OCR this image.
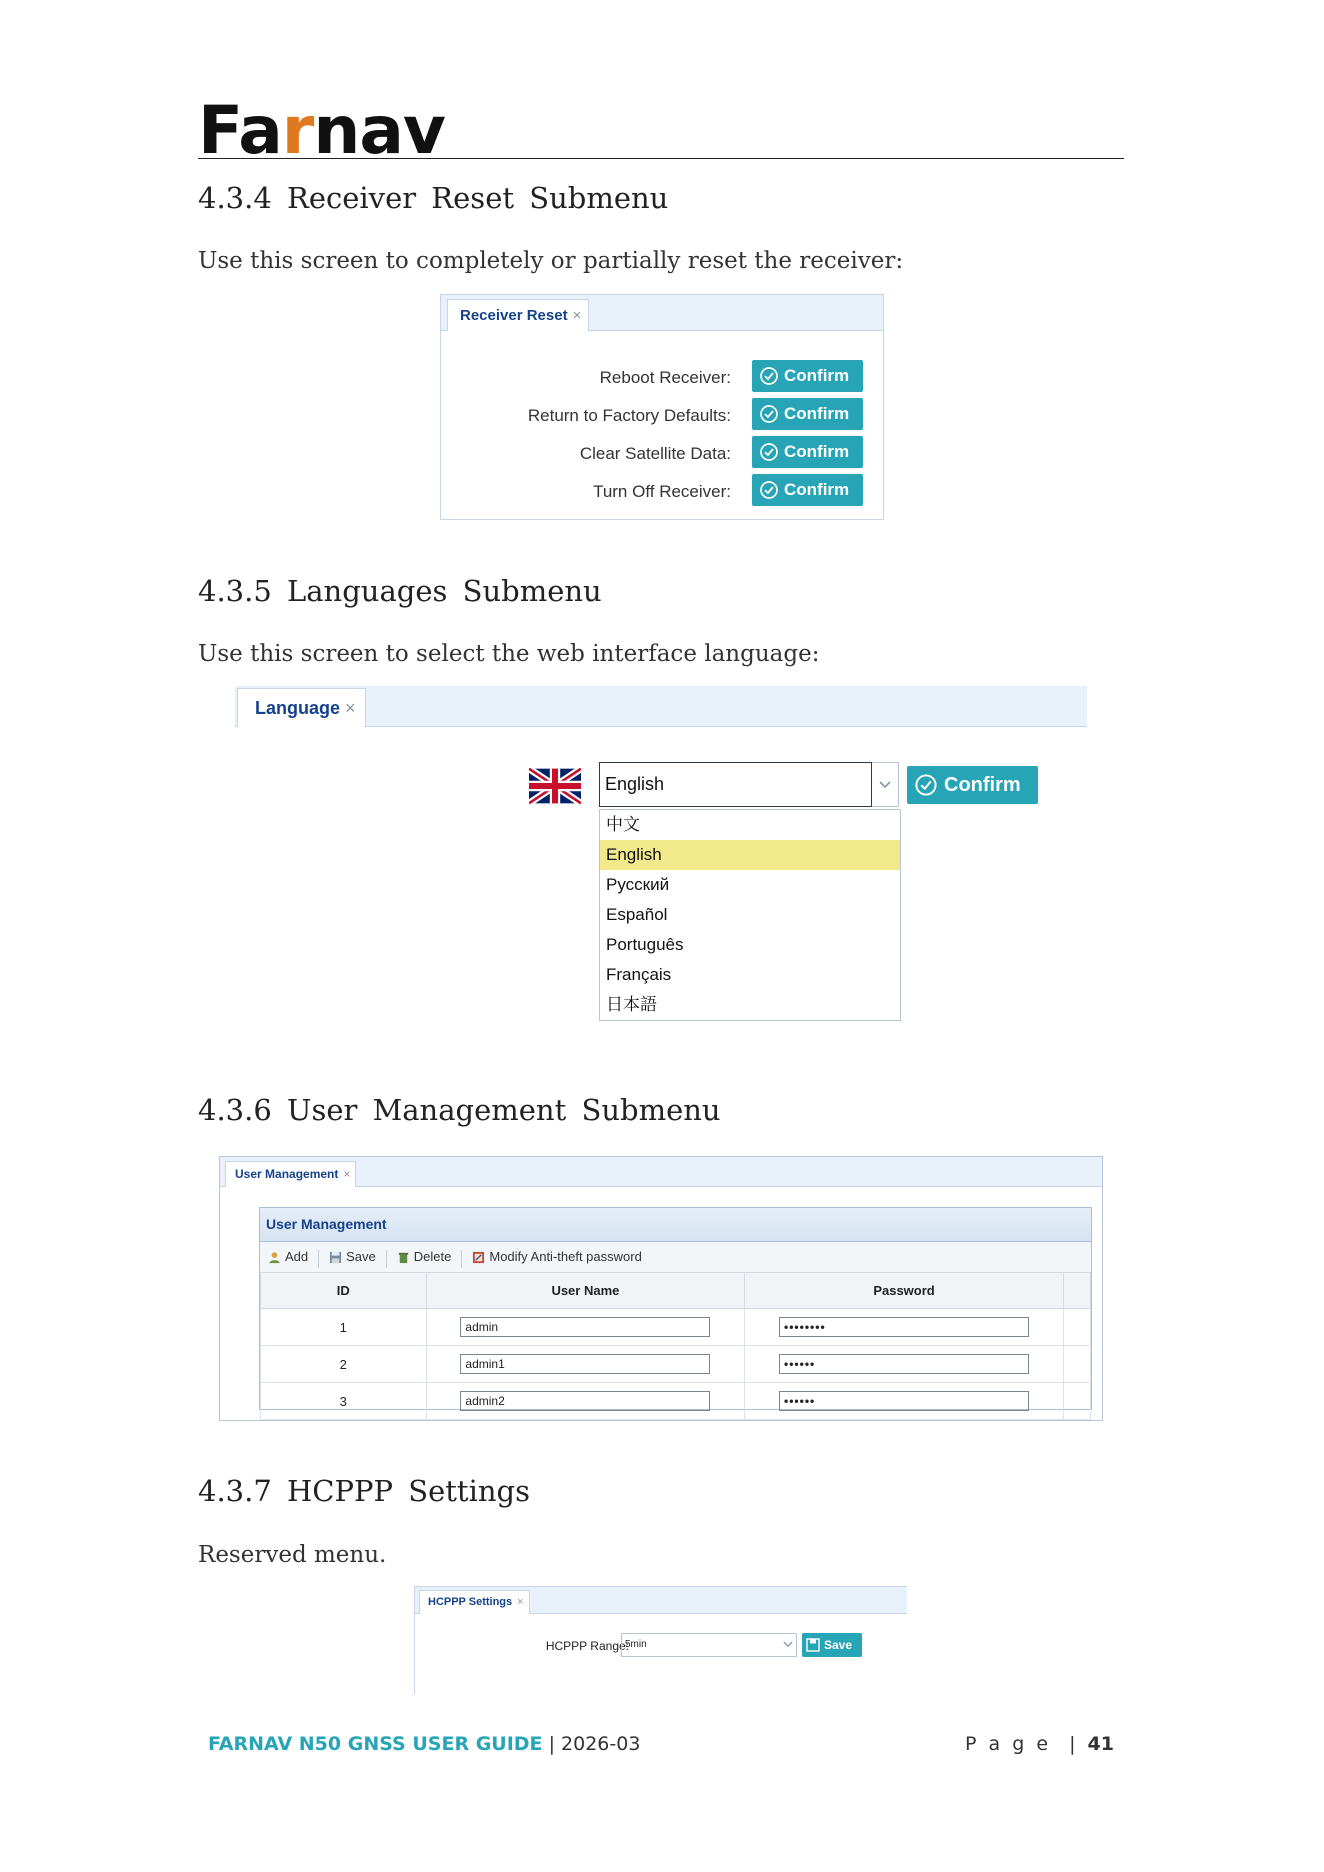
Farnav
4.3.4 Receiver Reset Submenu
Use this screen to completely or partially reset the receiver:
Receiver Reset ×
Reboot Receiver:	Confirm
Return to Factory Defaults:	Confirm
Clear Satellite Data:	Confirm
Turn Off Receiver:	Confirm
4.3.5 Languages Submenu
Use this screen to select the web interface language:
Language ×
English	Confirm
中文
English
Русский
Español
Português
Français
日本語
4.3.6 User Management Submenu
User Management ×
User Management
Add	Save	Delete	Modify Anti-theft password
ID	User Name	Password	
1	admin	••••••••	

2	admin1	••••••	

3	admin2	••••••	

4.3.7 HCPPP Settings
Reserved menu.
HCPPP Settings ×
HCPPP Range:
5min	Save
FARNAV N50 GNSS USER GUIDE | 2026-03	P a g e  | 41
